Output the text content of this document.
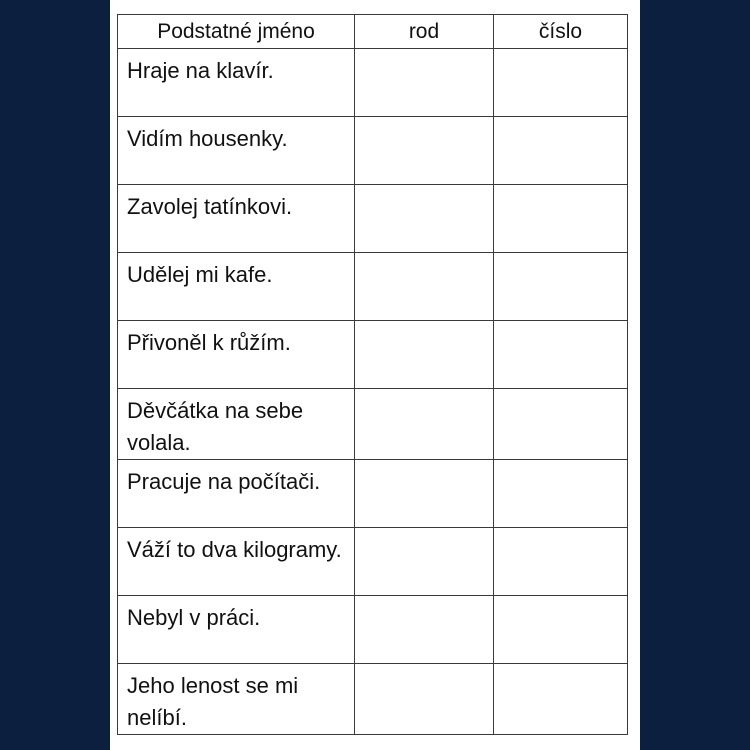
Podstatné jméno	rod	číslo
Hraje na klavír.		
Vidím housenky.		
Zavolej tatínkovi.		
Udělej mi kafe.		
Přivoněl k růžím.		
Děvčátka na sebe volala.		
Pracuje na počítači.		
Váží to dva kilogramy.		
Nebyl v práci.		
Jeho lenost se mi nelíbí.		
